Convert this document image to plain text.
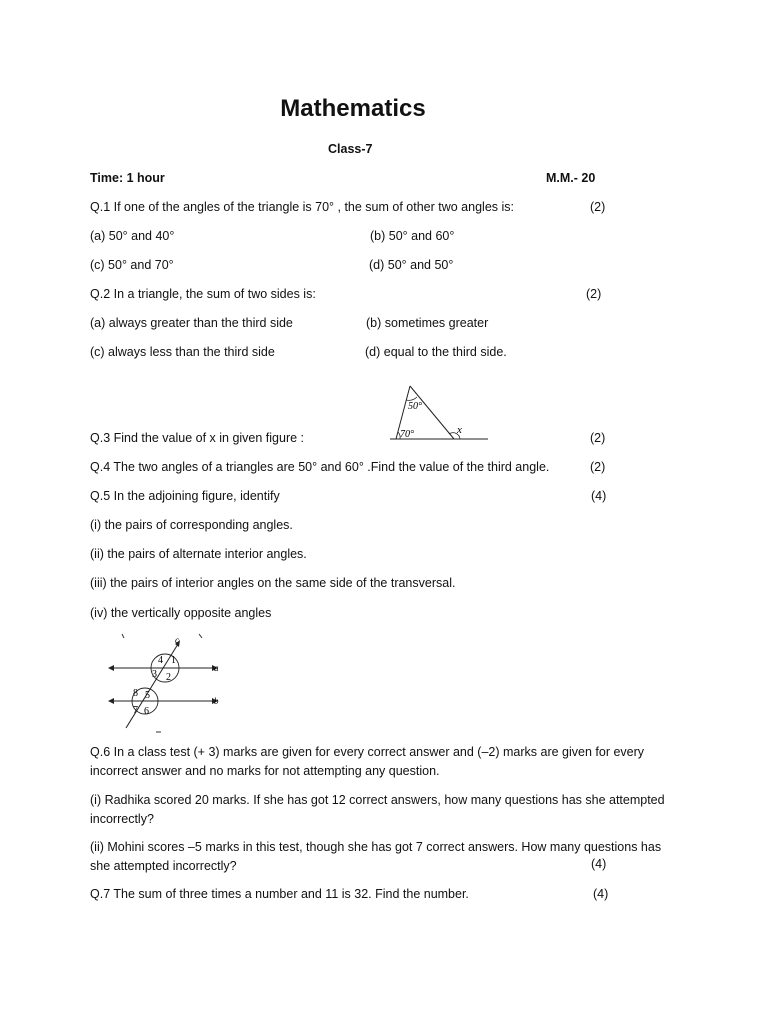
Mathematics
Class-7
Time: 1 hour	M.M.- 20
Q.1 If one of the angles of the triangle is 70° , the sum of other two angles is:	(2)
(a) 50° and 40°	(b) 50° and 60°
(c) 50° and 70°	(d) 50° and 50°
Q.2 In a triangle, the sum of two sides is:	(2)
(a) always greater than the third side	(b) sometimes greater
(c) always less than the third side	(d) equal to the third side.
50°
70°	x
Q.3 Find the value of x in given figure :	(2)
Q.4 The two angles of a triangles are 50° and 60° .Find the value of the third angle.	(2)
Q.5 In the adjoining figure, identify	(4)
(i) the pairs of corresponding angles.
(ii) the pairs of alternate interior angles.
(iii) the pairs of interior angles on the same side of the transversal.
(iv) the vertically opposite angles
c
a
b
4 1
3 2
8 5
7 6
Q.6 In a class test (+ 3) marks are given for every correct answer and (–2) marks are given for every incorrect answer and no marks for not attempting any question.
(i) Radhika scored 20 marks. If she has got 12 correct answers, how many questions has she attempted incorrectly?
(ii) Mohini scores –5 marks in this test, though she has got 7 correct answers. How many questions has she attempted incorrectly?	(4)
Q.7 The sum of three times a number and 11 is 32. Find the number.	(4)
